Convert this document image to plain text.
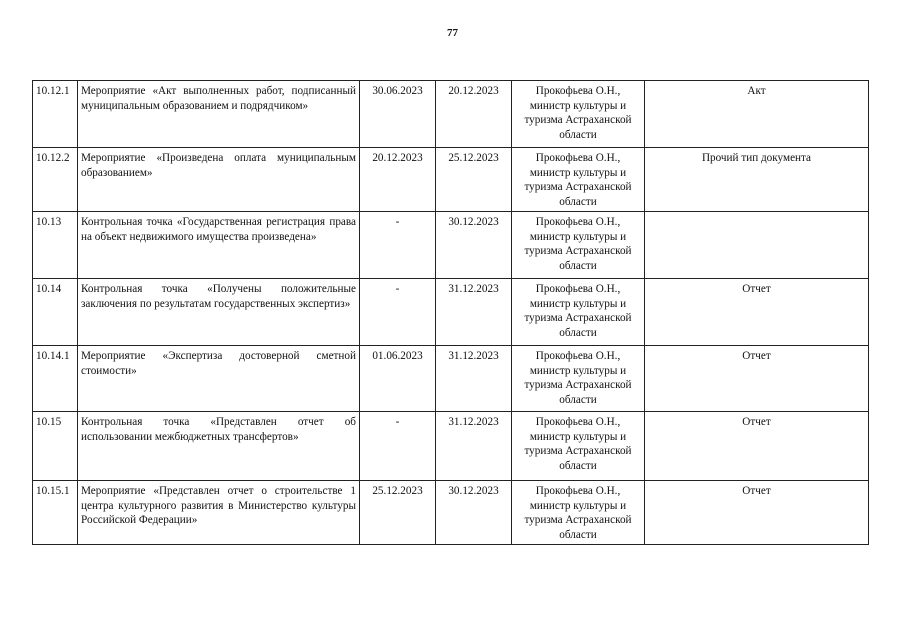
77
10.12.1	Мероприятие «Акт выполненных работ, подписанный муниципальным образованием и подрядчиком»	30.06.2023	20.12.2023	Прокофьева О.Н., министр культуры и туризма Астраханской области	Акт
10.12.2	Мероприятие «Произведена оплата муниципальным образованием»	20.12.2023	25.12.2023	Прокофьева О.Н., министр культуры и туризма Астраханской области	Прочий тип документа
10.13	Контрольная точка «Государственная регистрация права на объект недвижимого имущества произведена»	-	30.12.2023	Прокофьева О.Н., министр культуры и туризма Астраханской области	
10.14	Контрольная точка «Получены положительные заключения по результатам государственных экспертиз»	-	31.12.2023	Прокофьева О.Н., министр культуры и туризма Астраханской области	Отчет
10.14.1	Мероприятие «Экспертиза достоверной сметной стоимости»	01.06.2023	31.12.2023	Прокофьева О.Н., министр культуры и туризма Астраханской области	Отчет
10.15	Контрольная точка «Представлен отчет об использовании межбюджетных трансфертов»	-	31.12.2023	Прокофьева О.Н., министр культуры и туризма Астраханской области	Отчет
10.15.1	Мероприятие «Представлен отчет о строительстве 1 центра культурного развития в Министерство культуры Российской Федерации»	25.12.2023	30.12.2023	Прокофьева О.Н., министр культуры и туризма Астраханской области	Отчет
